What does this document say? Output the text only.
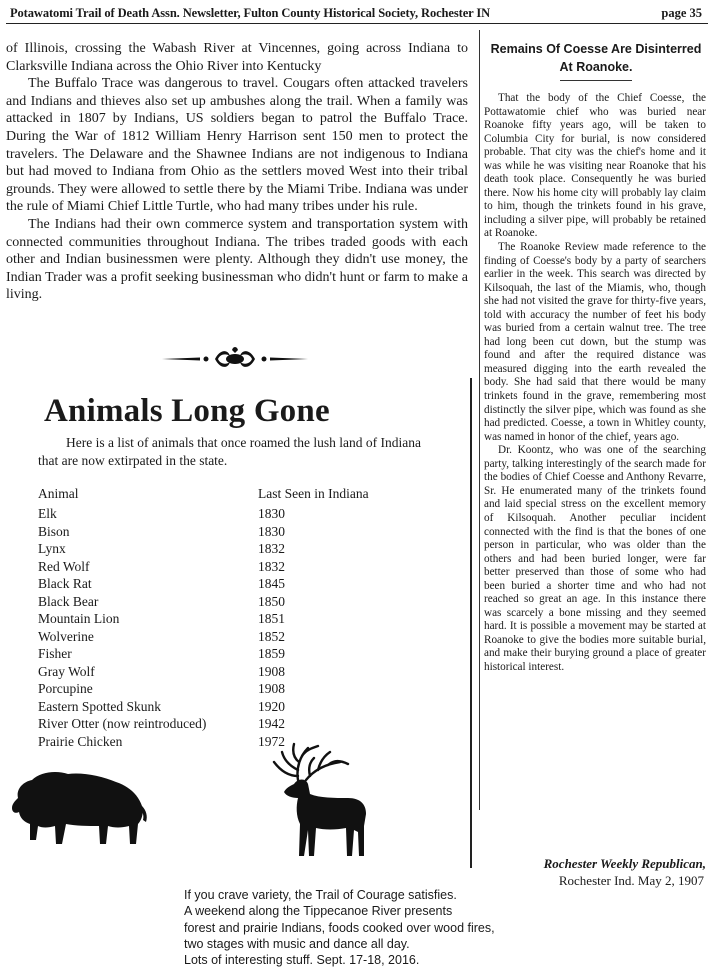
Potawatomi Trail of Death Assn. Newsletter, Fulton County Historical Society, Rochester IN	page 35

of Illinois, crossing the Wabash River at Vincennes, going across Indiana to Clarksville Indiana across the Ohio River into Kentucky

The Buffalo Trace was dangerous to travel. Cougars often attacked travelers and Indians and thieves also set up ambushes along the trail. When a family was attacked in 1807 by Indians, US soldiers began to patrol the Buffalo Trace. During the War of 1812 William Henry Harrison sent 150 men to protect the travelers. The Delaware and the Shawnee Indians are not indigenous to Indiana but had moved to Indiana from Ohio as the settlers moved West into their tribal grounds. They were allowed to settle there by the Miami Tribe. Indiana was under the rule of Miami Chief Little Turtle, who had many tribes under his rule.

The Indians had their own commerce system and transportation system with connected communities throughout Indiana. The tribes traded goods with each other and Indian businessmen were plenty. Although they didn't use money, the Indian Trader was a profit seeking businessman who didn't hunt or farm to make a living.

Animals Long Gone
Here is a list of animals that once roamed the lush land of Indiana that are now extirpated in the state.
Animal	Last Seen in Indiana
Elk	1830
Bison	1830
Lynx	1832
Red Wolf	1832
Black Rat	1845
Black Bear	1850
Mountain Lion	1851
Wolverine	1852
Fisher	1859
Gray Wolf	1908
Porcupine	1908
Eastern Spotted Skunk	1920
River Otter (now reintroduced)	1942
Prairie Chicken	1972
Remains Of Coesse Are Disinterred At Roanoke.

That the body of the Chief Coesse, the Pottawatomie chief who was buried near Roanoke fifty years ago, will be taken to Columbia City for burial, is now considered probable. That city was the chief's home and it was while he was visiting near Roanoke that his death took place. Consequently he was buried there. Now his home city will probably lay claim to him, though the trinkets found in his grave, including a silver pipe, will probably be retained at Roanoke.

The Roanoke Review made reference to the finding of Coesse's body by a party of searchers earlier in the week. This search was directed by Kilsoquah, the last of the Miamis, who, though she had not visited the grave for thirty-five years, told with accuracy the number of feet his body was buried from a certain walnut tree. The tree had long been cut down, but the stump was found and after the required distance was measured digging into the earth revealed the body. She had said that there would be many trinkets found in the grave, remembering most distinctly the silver pipe, which was found as she had predicted. Coesse, a town in Whitley county, was named in honor of the chief, years ago.

Dr. Koontz, who was one of the searching party, talking interestingly of the search made for the bodies of Chief Coesse and Anthony Revarre, Sr. He enumerated many of the trinkets found and laid special stress on the excellent memory of Kilsoquah. Another peculiar incident connected with the find is that the bones of one person in particular, who was older than the others and had been buried longer, were far better preserved than those of some who had been buried a shorter time and who had not reached so great an age. In this instance there was scarcely a bone missing and they seemed hard. It is possible a movement may be started at Roanoke to give the bodies more suitable burial, and make their burying ground a place of greater historical interest.

Rochester Weekly Republican,
Rochester Ind. May 2, 1907
If you crave variety, the Trail of Courage satisfies.
A weekend along the Tippecanoe River presents
forest and prairie Indians, foods cooked over wood fires,
two stages with music and dance all day.
Lots of interesting stuff. Sept. 17-18, 2016.
